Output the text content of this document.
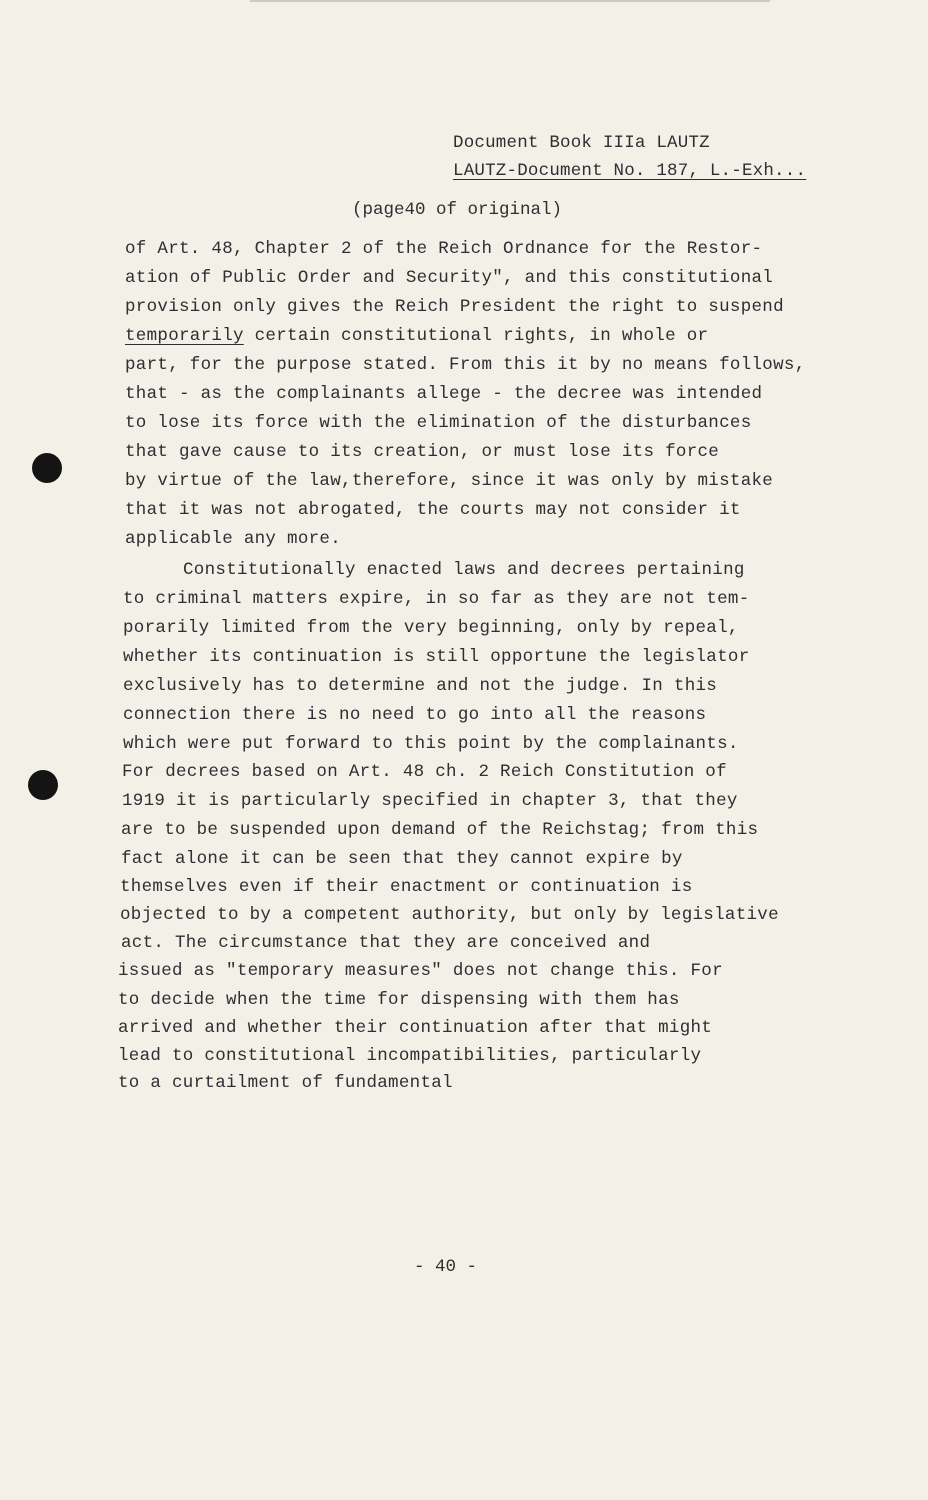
Document Book IIIa LAUTZ
LAUTZ-Document No. 187, L.-Exh...
(page40 of original)
of Art. 48, Chapter 2 of the Reich Ordnance for the Restor-
ation of Public Order and Security", and this constitutional
provision only gives the Reich President the right to suspend
temporarily certain constitutional rights, in whole or
part, for the purpose stated. From this it by no means follows,
that - as the complainants allege - the decree was intended
to lose its force with the elimination of the disturbances
that gave cause to its creation, or must lose its force
by virtue of the law,therefore, since it was only by mistake
that it was not abrogated, the courts may not consider it
applicable any more.
Constitutionally enacted laws and decrees pertaining
to criminal matters expire, in so far as they are not tem-
porarily limited from the very beginning, only by repeal,
whether its continuation is still opportune the legislator
exclusively has to determine and not the judge. In this
connection there is no need to go into all the reasons
which were put forward to this point by the complainants.
For decrees based on Art. 48 ch. 2 Reich Constitution of
1919 it is particularly specified in chapter 3, that they
are to be suspended upon demand of the Reichstag; from this
fact alone it can be seen that they cannot expire by
themselves even if their enactment or continuation is
objected to by a competent authority, but only by legislative
act. The circumstance that they are conceived and
issued as "temporary measures" does not change this. For
to decide when the time for dispensing with them has
arrived and whether their continuation after that might
lead to constitutional incompatibilities, particularly
to a curtailment of fundamental
- 40 -
